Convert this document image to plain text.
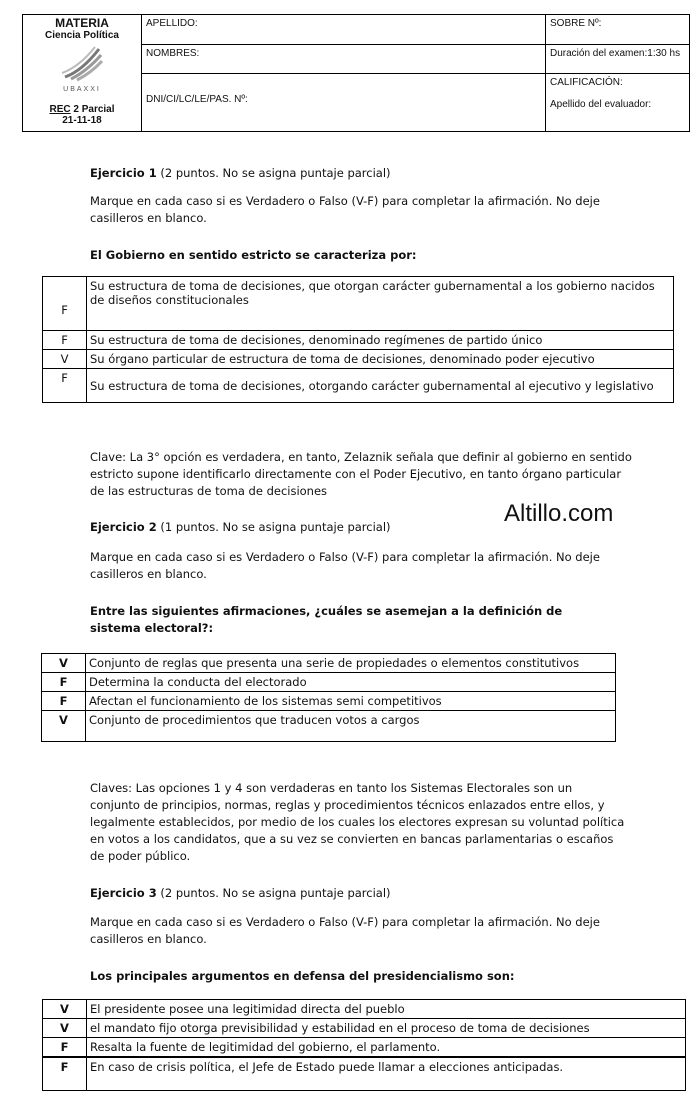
MATERIA
Ciencia Política
UBAXXI
REC 2 Parcial
21-11-18
APELLIDO:
NOMBRES:
DNI/CI/LC/LE/PAS. Nº:
SOBRE Nº:
Duración del examen:1:30 hs
CALIFICACIÓN:
Apellido del evaluador:
Ejercicio 1 (2 puntos. No se asigna puntaje parcial)
Marque en cada caso si es Verdadero o Falso (V-F) para completar la afirmación. No deje casilleros en blanco.
El Gobierno en sentido estricto se caracteriza por:
F	Su estructura de toma de decisiones, que otorgan carácter gubernamental a los gobierno nacidos de diseños constitucionales
F	Su estructura de toma de decisiones, denominado regímenes de partido único
V	Su órgano particular de estructura de toma de decisiones, denominado poder ejecutivo
F	Su estructura de toma de decisiones, otorgando carácter gubernamental al ejecutivo y legislativo
Clave: La 3° opción es verdadera, en tanto, Zelaznik señala que definir al gobierno en sentido estricto supone identificarlo directamente con el Poder Ejecutivo, en tanto órgano particular de las estructuras de toma de decisiones
Altillo.com
Ejercicio 2 (1 puntos. No se asigna puntaje parcial)
Marque en cada caso si es Verdadero o Falso (V-F) para completar la afirmación. No deje casilleros en blanco.
Entre las siguientes afirmaciones, ¿cuáles se asemejan a la definición de sistema electoral?:
V	Conjunto de reglas que presenta una serie de propiedades o elementos constitutivos
F	Determina la conducta del electorado
F	Afectan el funcionamiento de los sistemas semi competitivos
V	Conjunto de procedimientos que traducen votos a cargos
Claves: Las opciones 1 y 4 son verdaderas en tanto los Sistemas Electorales son un conjunto de principios, normas, reglas y procedimientos técnicos enlazados entre ellos, y legalmente establecidos, por medio de los cuales los electores expresan su voluntad política en votos a los candidatos, que a su vez se convierten en bancas parlamentarias o escaños de poder público.
Ejercicio 3 (2 puntos. No se asigna puntaje parcial)
Marque en cada caso si es Verdadero o Falso (V-F) para completar la afirmación. No deje casilleros en blanco.
Los principales argumentos en defensa del presidencialismo son:
V	El presidente posee una legitimidad directa del pueblo
V	el mandato fijo otorga previsibilidad y estabilidad en el proceso de toma de decisiones
F	Resalta la fuente de legitimidad del gobierno, el parlamento.
F	En caso de crisis política, el Jefe de Estado puede llamar a elecciones anticipadas.
